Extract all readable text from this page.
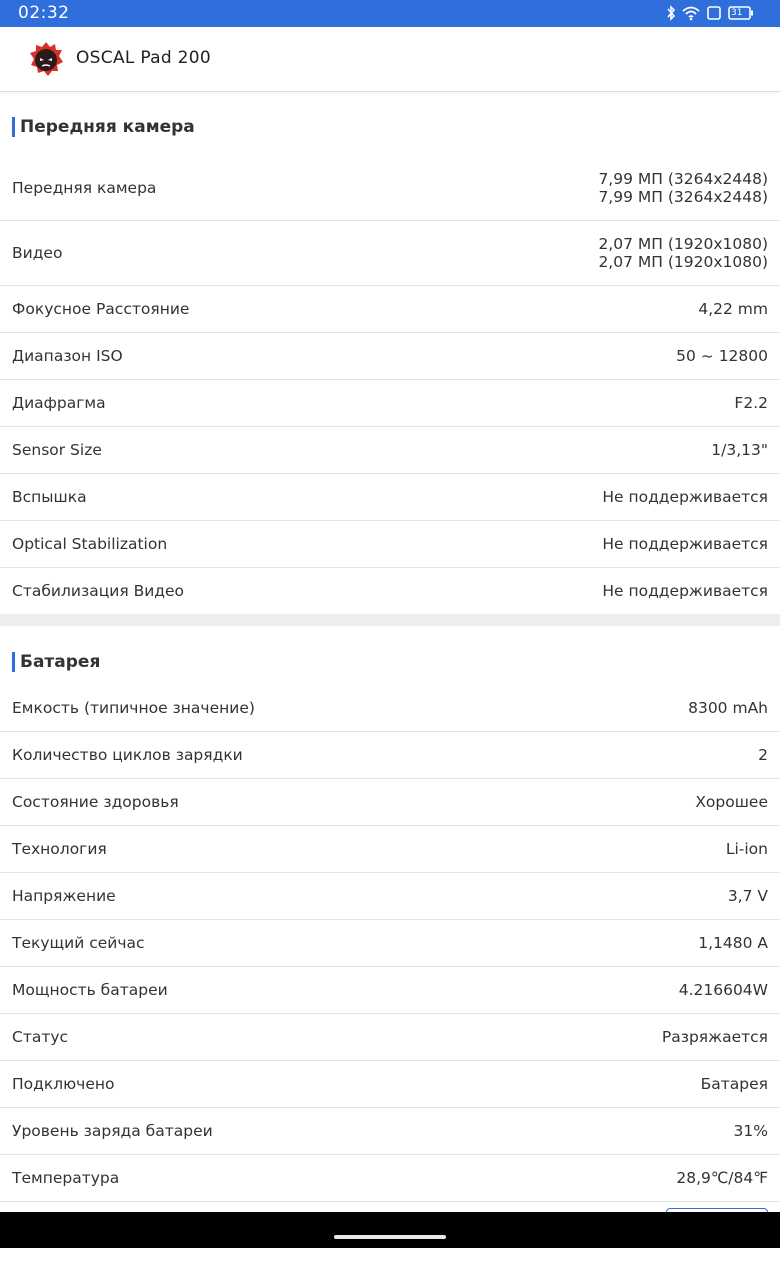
02:32	31
OSCAL Pad 200
Передняя камера
Передняя камера	7,99 МП (3264x2448)
7,99 МП (3264x2448)
Видео	2,07 МП (1920x1080)
2,07 МП (1920x1080)
Фокусное Расстояние	4,22 mm
Диапазон ISO	50 ~ 12800
Диафрагма	F2.2
Sensor Size	1/3,13"
Вспышка	Не поддерживается
Optical Stabilization	Не поддерживается
Стабилизация Видео	Не поддерживается
Батарея
Емкость (типичное значение)	8300 mAh
Количество циклов зарядки	2
Состояние здоровья	Хорошее
Технология	Li-ion
Напряжение	3,7 V
Текущий сейчас	1,1480 A
Мощность батареи	4.216604W
Статус	Разряжается
Подключено	Батарея
Уровень заряда батареи	31%
Температура	28,9℃/84℉
